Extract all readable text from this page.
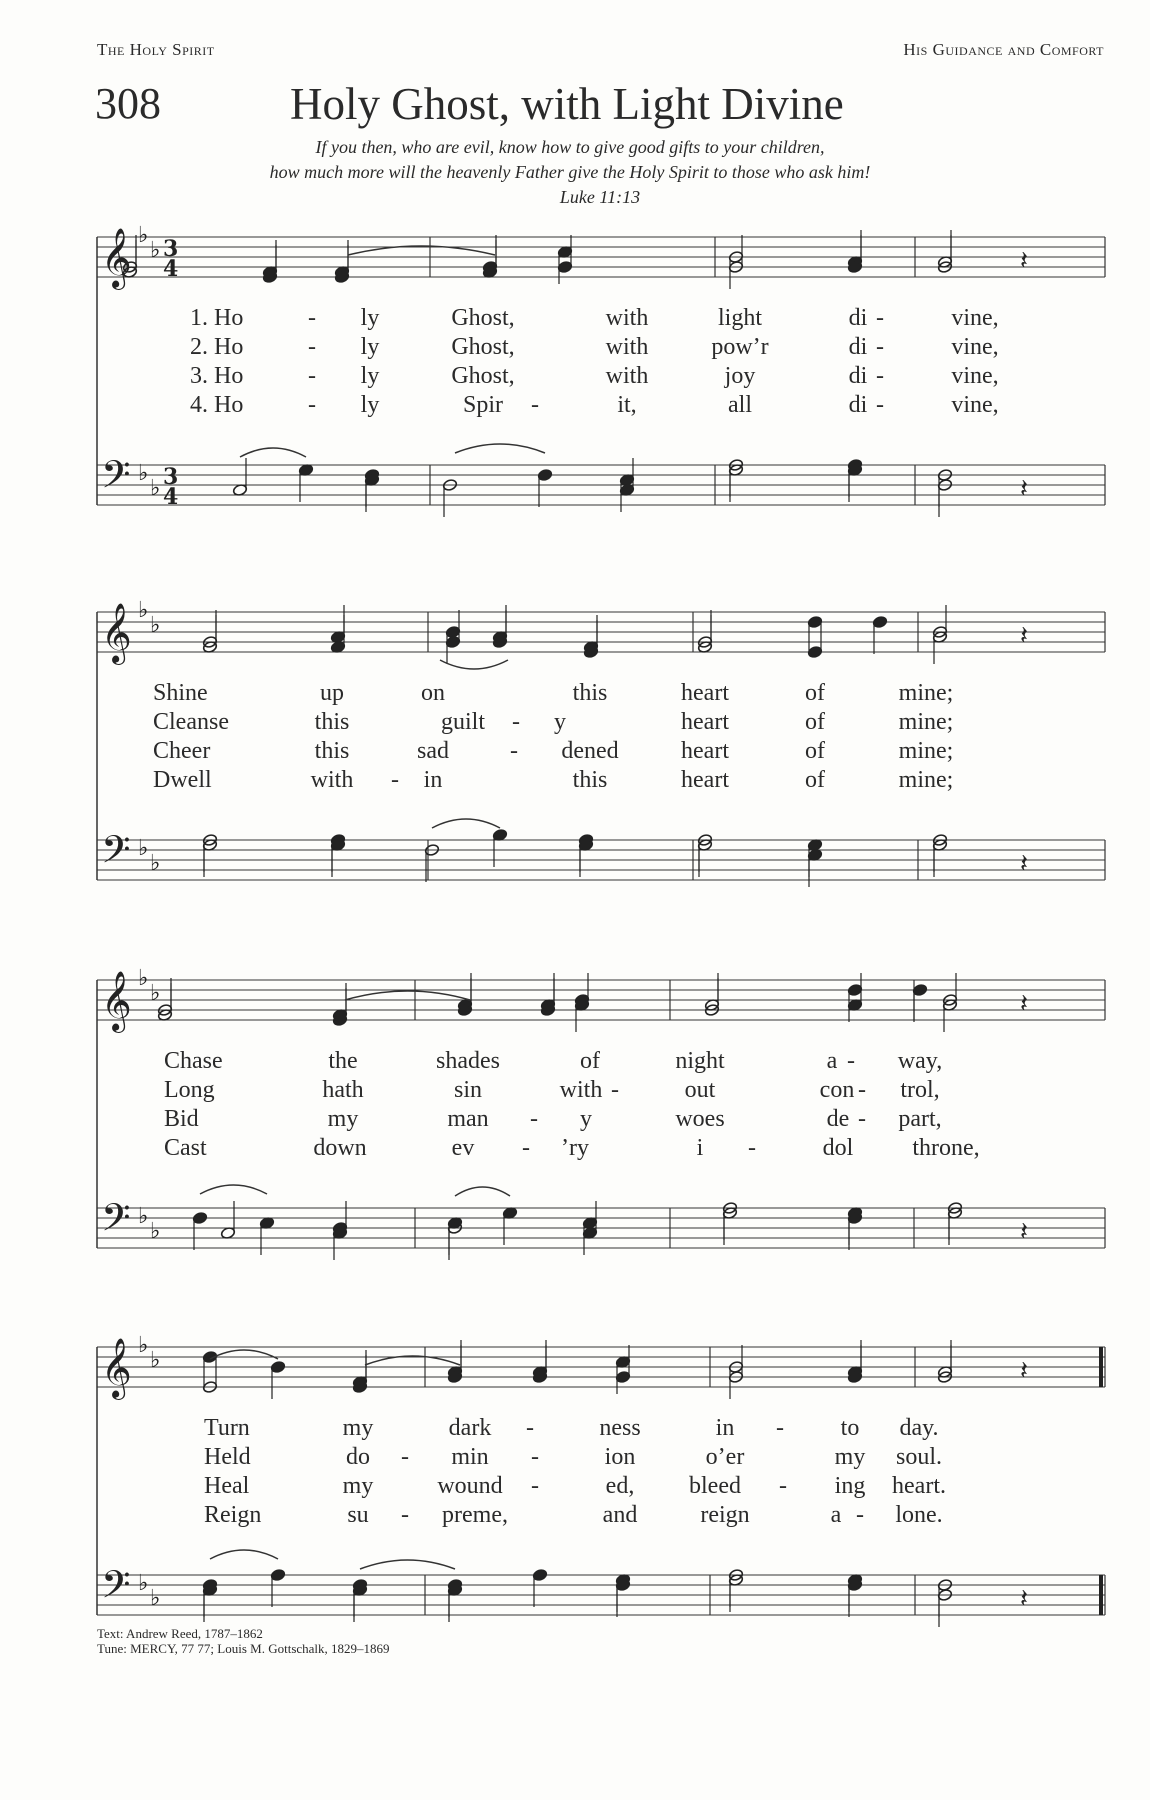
The Holy Spirit	His Guidance and Comfort
308	Holy Ghost, with Light Divine
If you then, who are evil, know how to give good gifts to your children,
how much more will the heavenly Father give the Holy Spirit to those who ask him!
Luke 11:13
𝄞
𝄢
♭
♭
♭
♭
3
4
3
4
𝄽
𝄽
1. Ho	- ly	Ghost,	with	light	di -	vine,
2. Ho	- ly	Ghost,	with	pow’r	di -	vine,
3. Ho	- ly	Ghost,	with	joy	di -	vine,
4. Ho	- ly	Spir -	it,	all	di -	vine,
𝄞
𝄢
♭
♭
♭
♭
𝄽
𝄽
Shine	up	on	this	heart	of	mine;
Cleanse	this	guilt - y	heart	of	mine;
Cheer	this	sad	- dened	heart	of	mine;
Dwell	with - in	this	heart	of	mine;
𝄞
𝄢
♭
♭
♭
♭
𝄽
𝄽
Chase	the	shades	of	night	a - way,
Long	hath	sin	with -	out	con - trol,
Bid	my	man - y	woes	de - part,
Cast	down	ev - ’ry	i -	dol throne,
𝄞
𝄢
♭
♭
♭
♭
𝄽
𝄽
Turn	my	dark -	ness	in - to day.
Held	do - min -	ion	o’er	my soul.
Heal	my	wound -	ed, bleed - ing heart.
Reign	su - preme,	and	reign	a - lone.
Text: Andrew Reed, 1787–1862
Tune: MERCY, 77 77; Louis M. Gottschalk, 1829–1869
